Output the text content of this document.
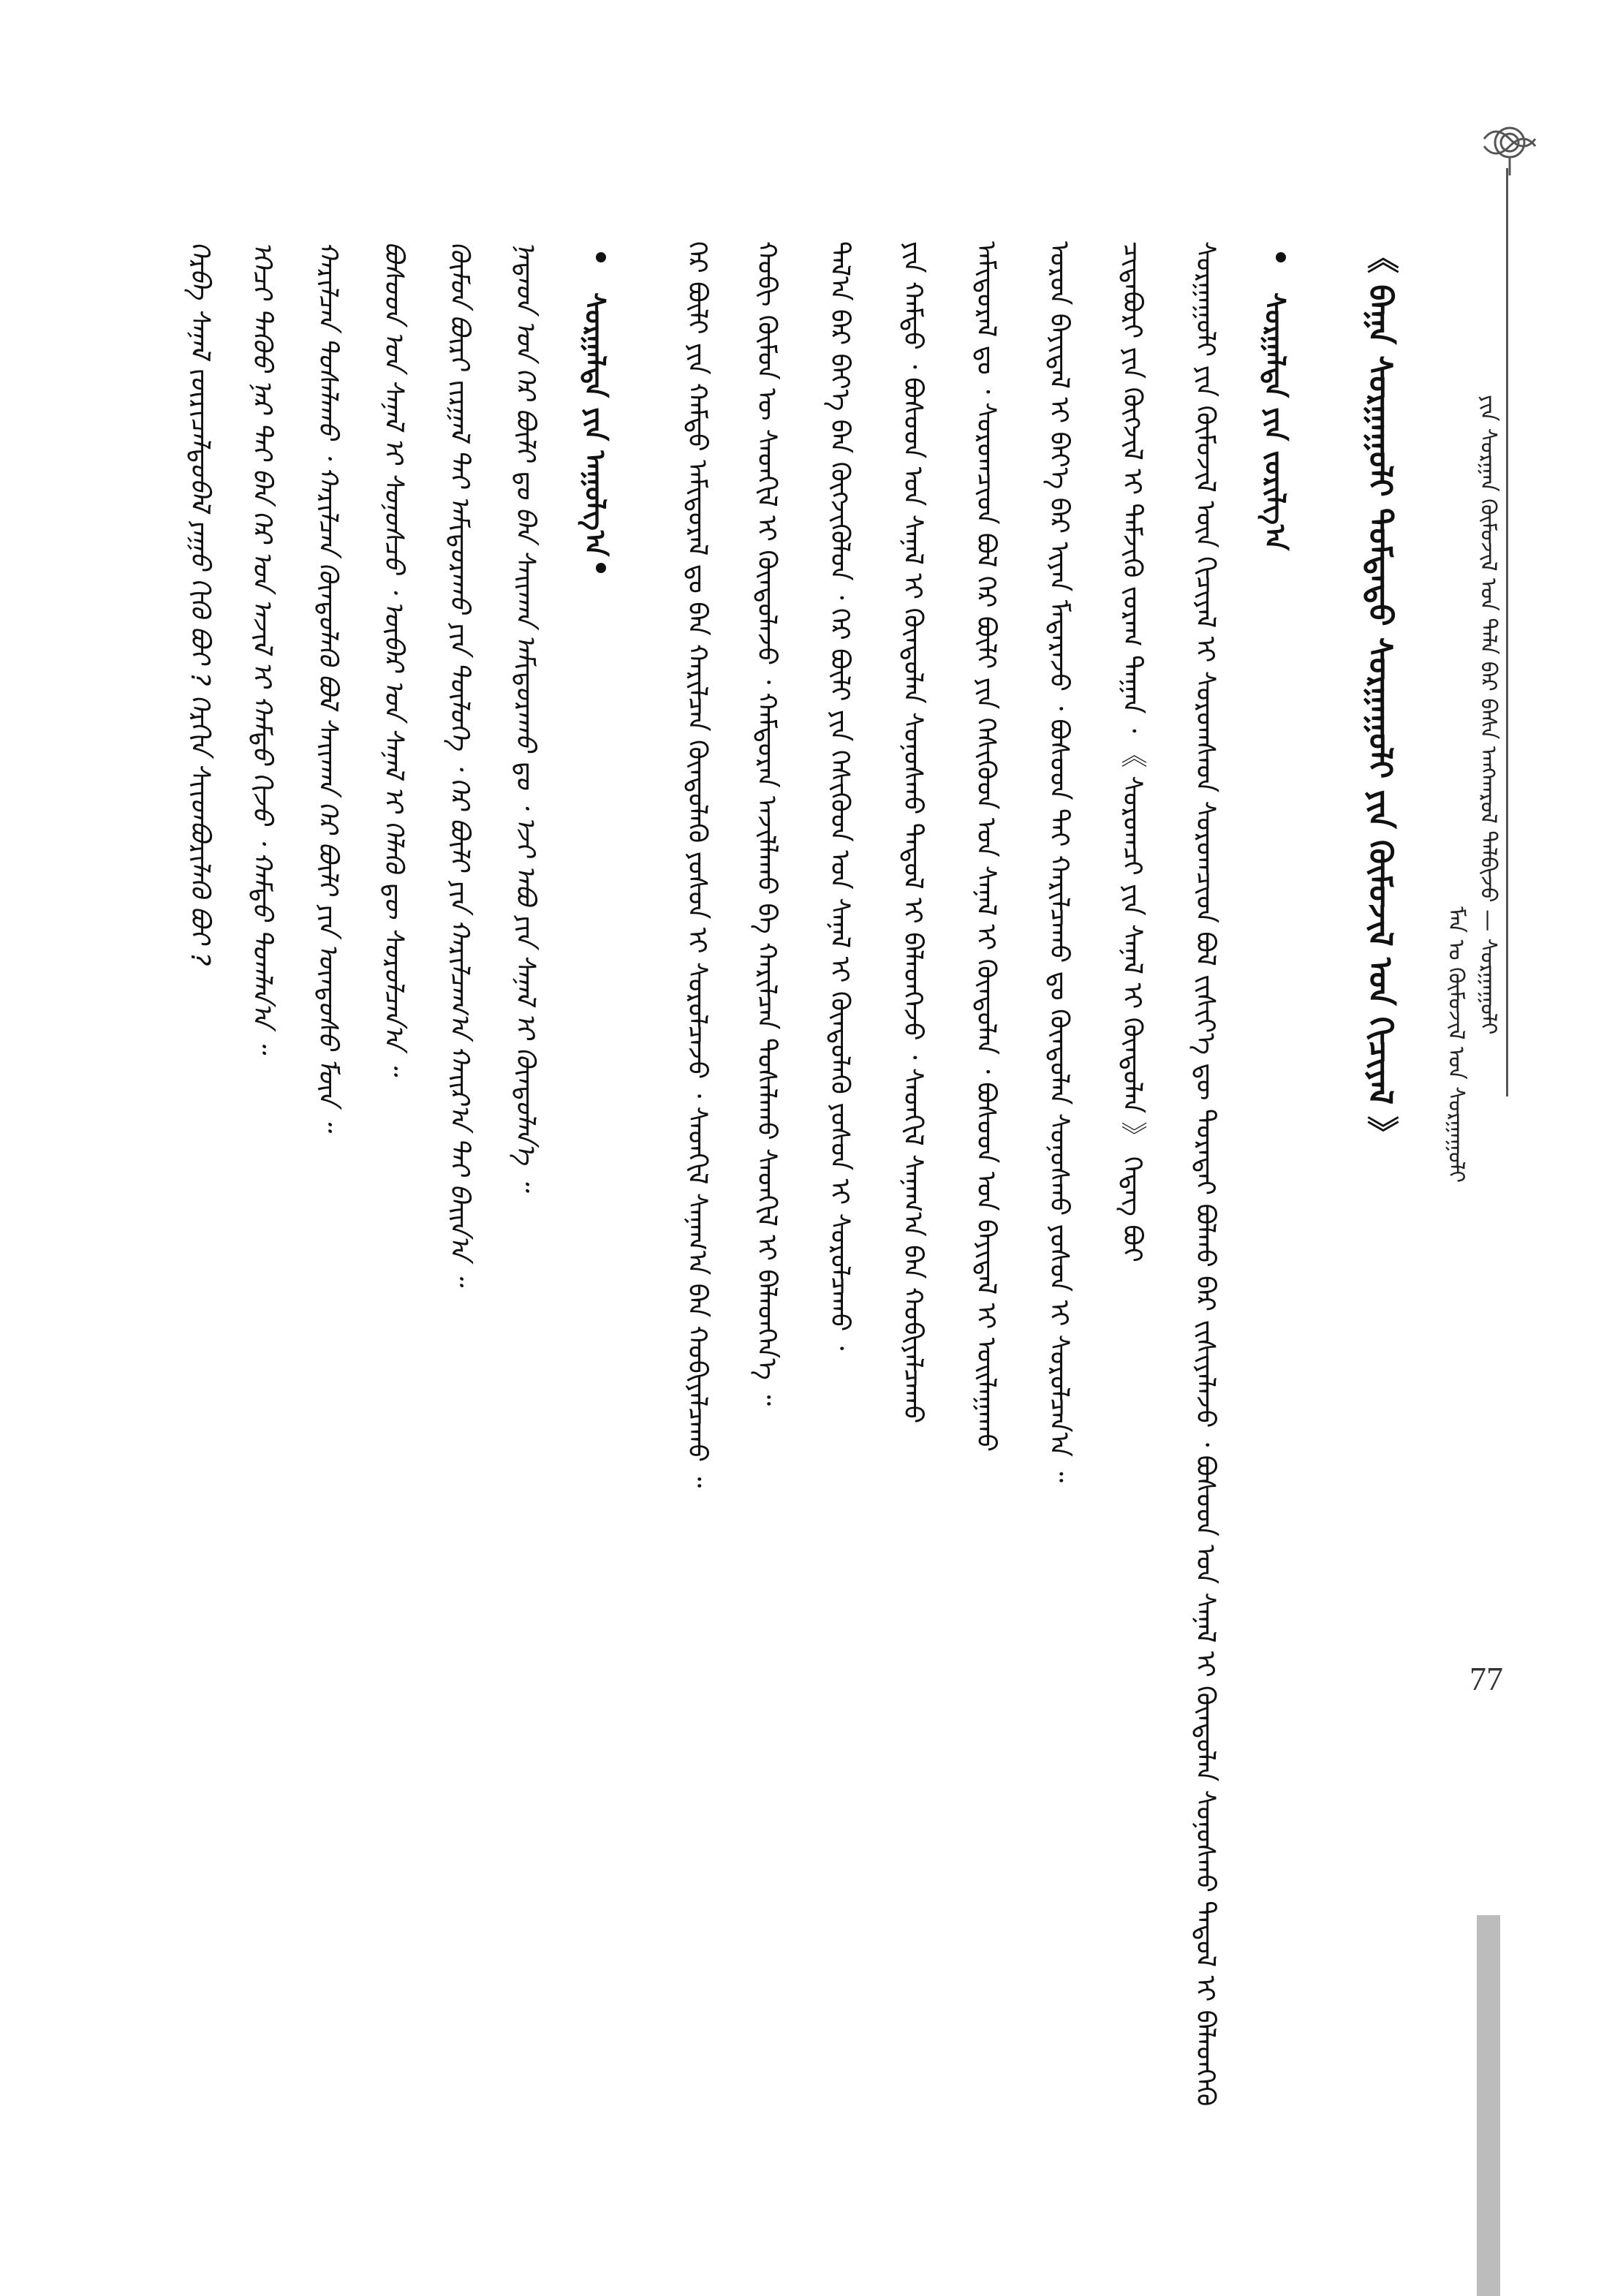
ᠶᠢᠨ ᠰᠤᠷᠭᠠᠨ ᠬᠦᠮᠦᠵᠢᠯ ᠤᠨ ᠲᠠᠯᠠ ᠪᠠᠷ ᠪᠠᠰᠠ ᠠᠩᠬᠠᠷᠤᠯ ᠲᠠᠯᠪᠢᠵᠤ — ᠰᠤᠷᠭᠠᠭᠤᠯᠢ
ᠮᠠᠨ ᠤ ᠬᠦᠮᠦᠵᠢᠯ ᠤᠨ ᠰᠤᠷᠭᠠᠭᠤᠯᠢ
《 ᠪᠠᠭᠠ ᠰᠤᠷᠭᠠᠭᠤᠯᠢ ᠳᠤᠮᠳᠠᠳᠤ ᠰᠤᠷᠭᠠᠭᠤᠯᠢ ᠶᠢᠨ ᠬᠦᠮᠦᠵᠢᠯ ᠤᠨ ᠬᠢᠴᠢᠶᠡᠯ 》
ᠰᠤᠷᠭᠠᠯᠲᠠ ᠶᠢᠨ ᠵᠣᠷᠢᠯᠭ᠎ᠠ
ᠰᠤᠷᠭᠠᠭᠤᠯᠢ ᠶᠢᠨ ᠬᠦᠮᠦᠵᠢᠯ ᠦᠨ ᠬᠢᠴᠢᠶᠡᠯ ᠢ ᠰᠤᠷᠤᠭᠰᠠᠳ ᠰᠤᠷᠤᠭᠴᠢᠳ ᠪᠣᠯ ᠵᠢᠱᠢᠶ᠎ᠡ ᠳᠦ ᠳᠤᠷᠠᠲᠠᠢ ᠪᠣᠯᠬᠤ ᠪᠠᠷ ᠵᠢᠱᠢᠶᠡᠯᠡᠵᠦ ᠂ ᠪᠤᠰᠤᠳ ᠤᠨ ᠰᠠᠨᠠᠯ ᠢ ᠬᠦᠨᠳᠦᠯᠡᠨ ᠰᠣᠨᠤᠰᠬᠤ ᠳᠠᠳᠤᠯ ᠢ ᠪᠡᠯᠡᠳᠬᠡᠬᠦ
ᠴᠢᠳᠠᠪᠤᠷᠢ ᠶᠢᠨ ᠬᠥᠭᠵᠢᠯ ᠢ ᠳᠡᠮᠵᠢᠬᠦ ᠵᠤᠷᠠᠭ ᠳᠠᠭᠠᠨ ᠂ 《 ᠰᠤᠷᠤᠭᠴᠢ ᠶᠢᠨ ᠰᠠᠨᠠᠯ ᠢ ᠬᠦᠨᠳᠦᠯᠡᠨ 》 ᠭᠡᠳᠡᠭ ᠪᠤᠢ
ᠤᠷᠤᠨ ᠪᠠᠶᠢᠳᠠᠯ ᠢ ᠪᠡᠶ᠎ᠡ ᠪᠡᠷ ᠢᠶᠡᠨ ᠮᠡᠳᠡᠷᠡᠵᠦ ᠂ ᠪᠤᠰᠤᠳ ᠲᠠᠢ ᠬᠠᠷᠢᠯᠴᠠᠬᠤ ᠳᠤ ᠬᠥᠨᠳᠦᠯᠡᠨ ᠰᠣᠨᠤᠰᠬᠤ ᠶᠤᠰᠤᠨ ᠢ ᠰᠤᠷᠤᠯᠴᠠᠨ᠎ᠠ ᠃
ᠠᠮᠢᠳᠤᠷᠠᠯ ᠳᠤ ᠂ ᠰᠤᠷᠤᠭᠴᠢᠳ ᠪᠣᠯ ᠭᠡᠷ ᠪᠦᠯᠢ ᠶᠢᠨ ᠭᠡᠰᠢᠭᠦᠳ ᠤᠨ ᠰᠠᠨᠠᠯ ᠢ ᠬᠦᠨᠳᠦᠯᠡᠨ ᠂ ᠪᠤᠰᠤᠳ ᠤᠨ ᠪᠠᠶᠢᠳᠠᠯ ᠢ ᠣᠢᠯᠠᠭᠠᠬᠤ
ᠶᠢᠨ ᠬᠠᠮᠲᠤ ᠂ ᠪᠤᠰᠤᠳ ᠤᠨ ᠰᠠᠨᠠᠯ ᠢ ᠬᠦᠨᠳᠦᠯᠡᠨ ᠰᠣᠨᠤᠰᠬᠤ ᠳᠠᠳᠤᠯ ᠢ ᠪᠡᠯᠡᠳᠬᠡᠵᠦ ᠂ ᠰᠡᠳᠬᠢᠯ ᠰᠠᠨᠠᠭ᠎ᠠ ᠪᠡᠨ ᠬᠤᠪᠢᠶᠠᠯᠴᠠᠬᠤ
ᠲᠠᠯ᠎ᠠ ᠪᠠᠷ ᠪᠡᠶ᠎ᠡ ᠪᠡᠨ ᠬᠥᠭᠵᠢᠭᠦᠯᠦᠨ ᠂ ᠭᠡᠷ ᠪᠦᠯᠢ ᠶᠢᠨ ᠭᠡᠰᠢᠭᠦᠳ ᠤᠨ ᠰᠠᠨᠠᠯ ᠢ ᠬᠦᠨᠳᠦᠯᠡᠬᠦ ᠶᠤᠰᠤᠨ ᠢ ᠰᠤᠷᠤᠯᠴᠠᠬᠤ ᠂
ᠬᠤᠪᠢ ᠬᠥᠮᠦᠨ ᠦ ᠰᠡᠳᠬᠢᠯ ᠢ ᠬᠦᠨᠳᠦᠯᠡᠵᠦ ᠂ ᠬᠠᠮᠲᠤᠷᠠᠨ ᠠᠵᠢᠯᠯᠠᠬᠤ ᠪᠠ ᠬᠠᠷᠢᠯᠴᠠᠨ ᠲᠤᠰᠠᠯᠠᠬᠤ ᠰᠡᠳᠬᠢᠯ ᠢ ᠪᠡᠯᠡᠳᠬᠡᠨ᠎ᠡ ᠃
ᠭᠡᠷ ᠪᠦᠯᠢ ᠶᠢᠨ ᠬᠠᠮᠲᠤ ᠠᠮᠢᠳᠤᠷᠠᠯ ᠳᠤ ᠪᠡᠨ ᠬᠠᠷᠢᠯᠴᠠᠨ ᠬᠦᠨᠳᠦᠯᠡᠬᠦ ᠶᠤᠰᠤᠨ ᠢ ᠰᠤᠷᠤᠯᠴᠠᠵᠤ ᠂ ᠰᠡᠳᠬᠢᠯ ᠰᠠᠨᠠᠭ᠎ᠠ ᠪᠡᠨ ᠬᠤᠪᠢᠶᠠᠯᠴᠠᠬᠤ ᠃
ᠰᠤᠷᠭᠠᠯᠲᠠ ᠶᠢᠨ ᠠᠭᠤᠯᠭ᠎ᠠ
ᠨᠠᠳᠠᠳ ᠤᠨ ᠭᠡᠷ ᠪᠦᠯᠢ ᠳᠤ ᠪᠡᠨ ᠰᠠᠢᠬᠠᠨ ᠠᠮᠢᠳᠤᠷᠠᠬᠤ ᠳᠤ ᠂ ᠡᠵᠢ ᠠᠪᠤ ᠶᠢᠨ ᠰᠠᠨᠠᠯ ᠢ ᠬᠦᠨᠳᠦᠯᠡᠨ᠎ᠡ ᠃
ᠬᠦᠮᠦᠨ ᠪᠦᠷᠢ ᠵᠢᠷᠭᠠᠯ ᠲᠠᠢ ᠠᠮᠢᠳᠤᠷᠠᠬᠤ ᠶᠢᠨ ᠲᠥᠯᠥᠭᠡ ᠂ ᠭᠡᠷ ᠪᠦᠯᠢ ᠶᠢᠨ ᠬᠠᠷᠢᠯᠴᠠᠭ᠎ᠠ ᠬᠠᠢᠷ᠎ᠠ ᠲᠠᠢ ᠪᠠᠢᠨ᠎ᠠ ᠃
ᠪᠤᠰᠤᠳ ᠤᠨ ᠰᠠᠨᠠᠯ ᠢ ᠰᠣᠨᠤᠰᠴᠤ ᠂ ᠥᠪᠡᠷ ᠤᠨ ᠰᠠᠨᠠᠯ ᠢ ᠬᠡᠯᠡᠬᠦ ᠳᠦ ᠰᠤᠷᠤᠯᠴᠠᠨ᠎ᠠ ᠃
ᠬᠠᠷᠢᠯᠴᠠᠨ ᠲᠤᠰᠠᠯᠠᠬᠤ ᠂ ᠬᠠᠷᠢᠯᠴᠠᠨ ᠬᠦᠨᠳᠦᠯᠡᠬᠦ ᠪᠣᠯ ᠰᠠᠢᠬᠠᠨ ᠭᠡᠷ ᠪᠦᠯᠢ ᠶᠢᠨ ᠦᠨᠳᠦᠰᠦ ᠮᠥᠨ ᠃
ᠡᠭᠡᠴᠢ ᠳᠡᠭᠦᠦ ᠨᠠᠷ ᠲᠠᠢ ᠪᠠᠨ ᠭᠡᠷ ᠤᠨ ᠠᠵᠢᠯ ᠢ ᠬᠠᠮᠲᠤ ᠬᠢᠵᠦ ᠂ ᠬᠠᠮᠲᠤ ᠲᠣᠭᠯᠠᠨ᠎ᠠ ᠃
ᠬᠡᠷᠪᠡ ᠰᠠᠨᠠᠯ ᠵᠥᠷᠢᠴᠡᠯᠳᠦᠪᠡᠯ ᠶᠠᠭᠤ ᠬᠢᠬᠦ ᠪᠤᠢ ? ᠬᠡᠷᠬᠢᠨ ᠰᠢᠢᠳᠪᠦᠷᠢᠯᠡᠬᠦ ᠪᠤᠢ ?
77
